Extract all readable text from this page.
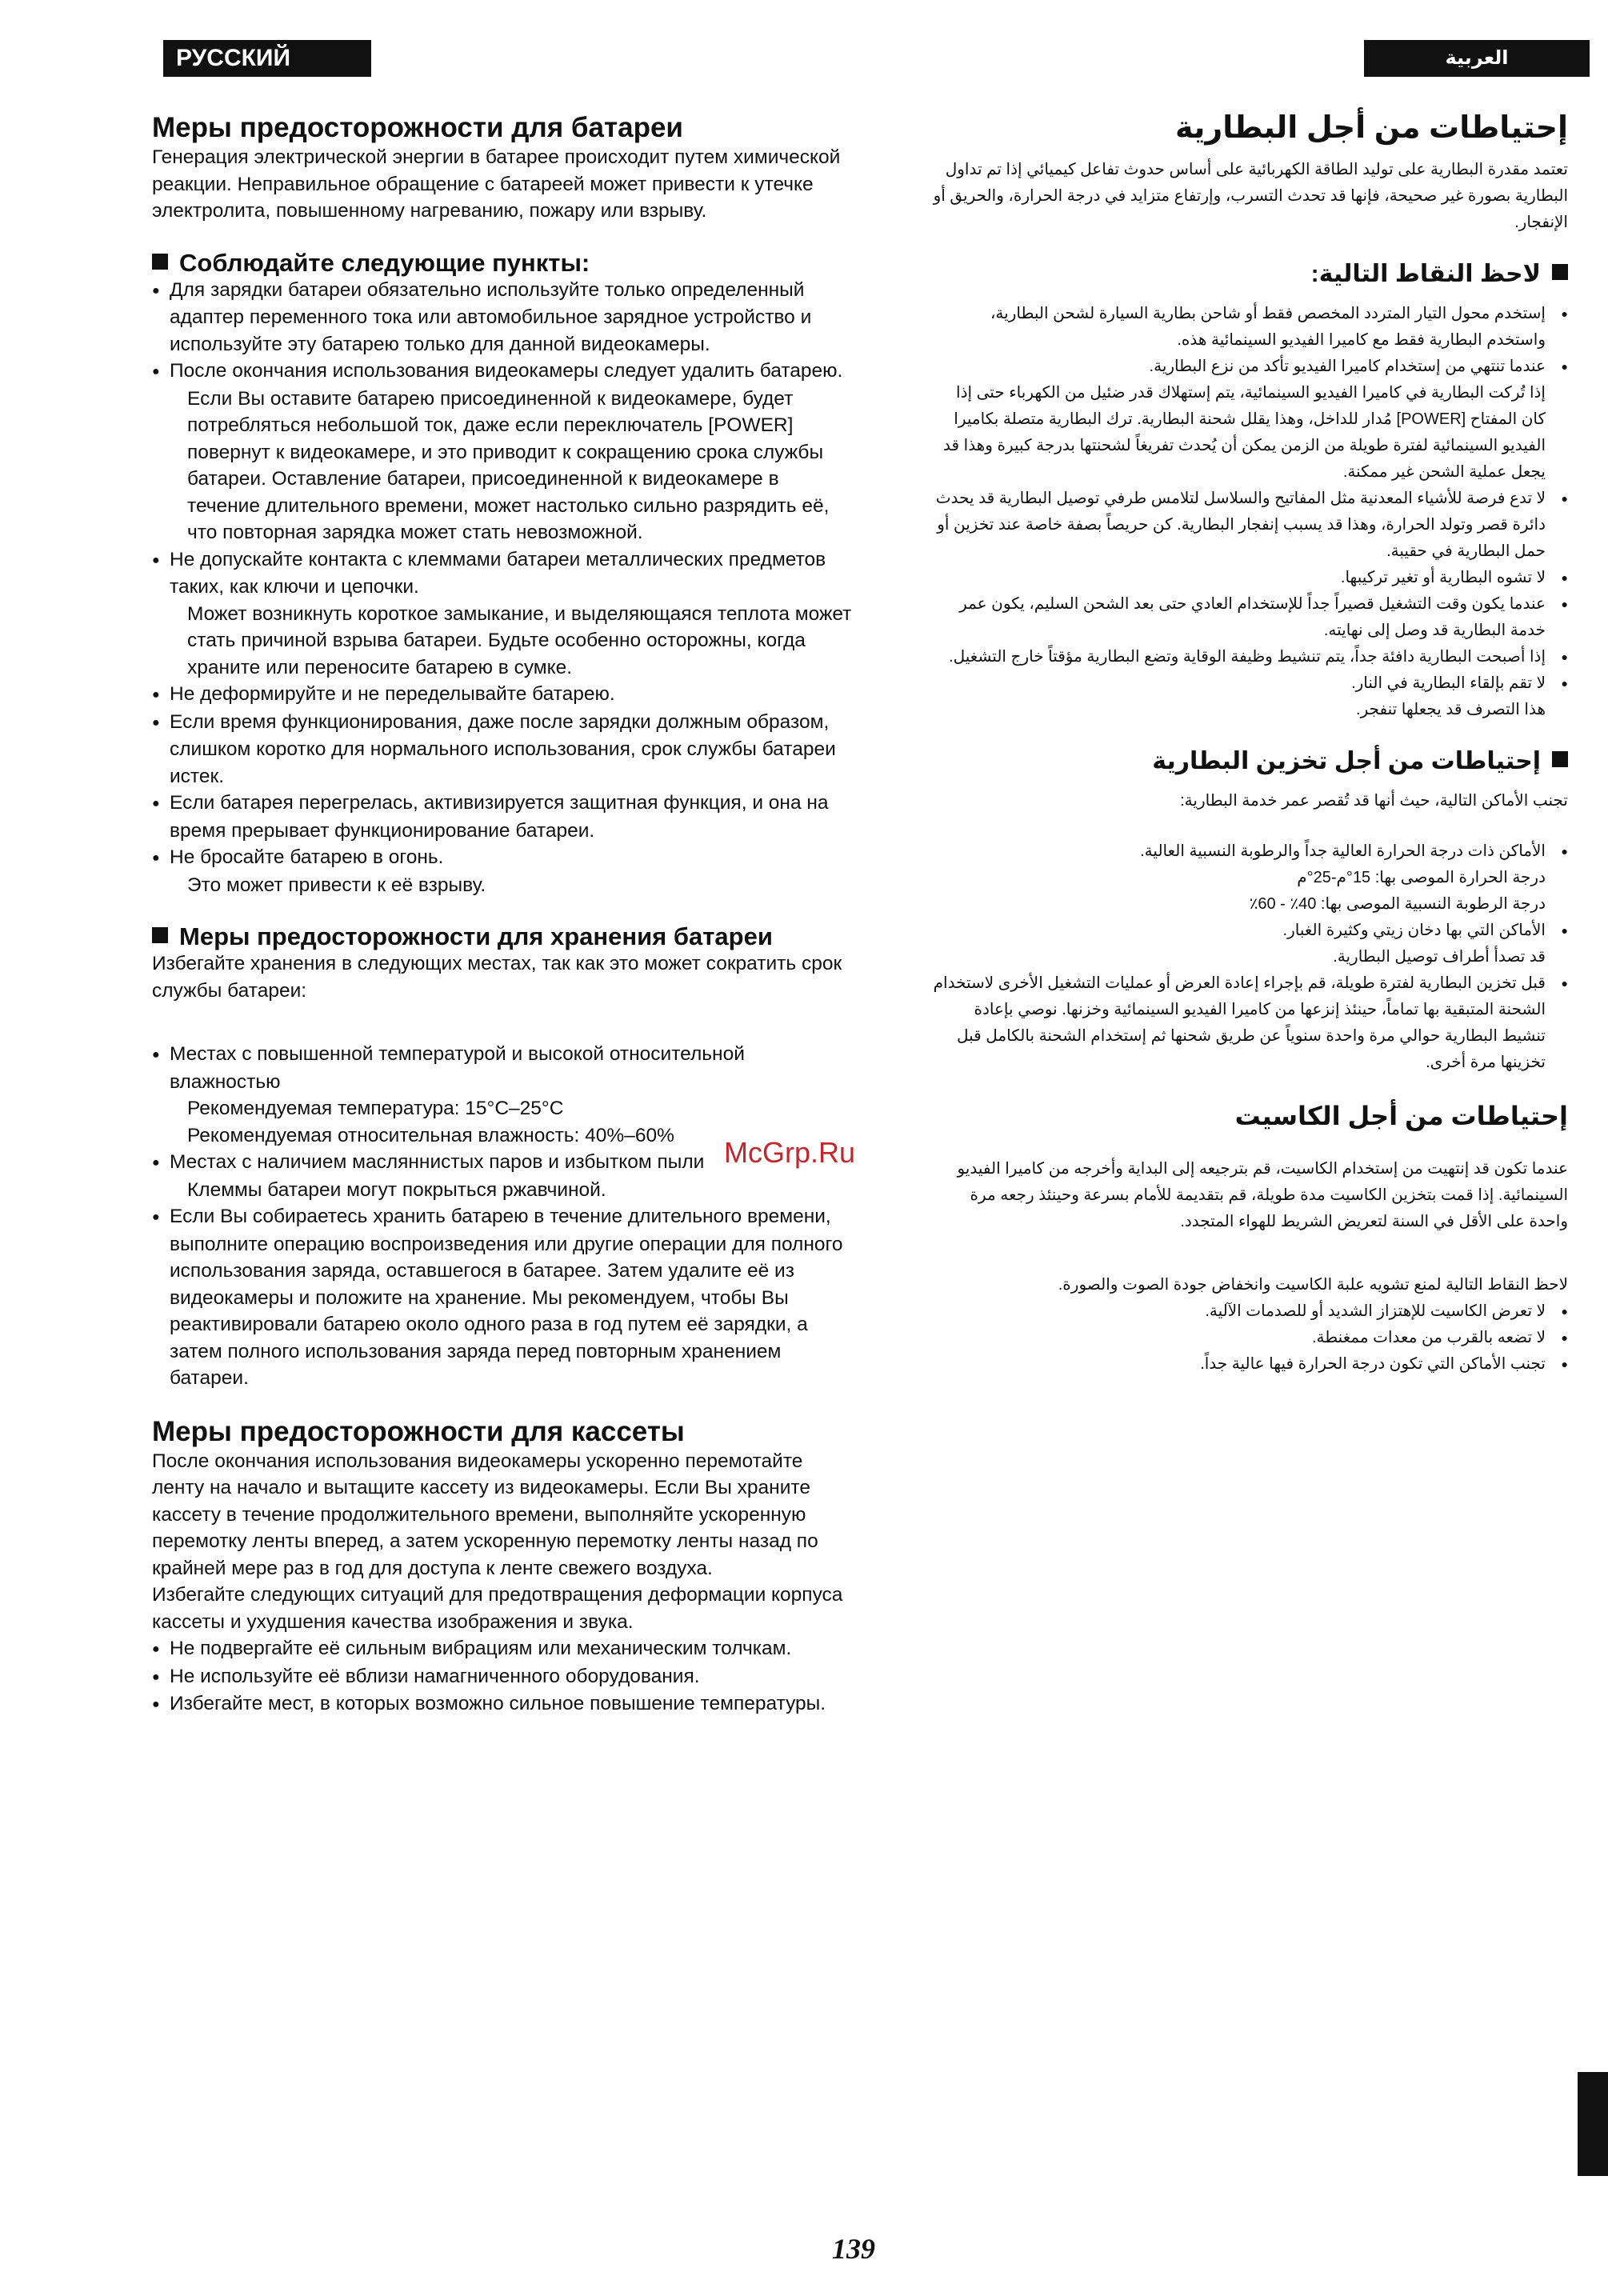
РУССКИЙ ЯЗЫК
العربية
Меры предосторожности для батареи

Генерация электрической энергии в батарее происходит путем химической реакции. Неправильное обращение с батареей может привести к утечке электролита, повышенному нагреванию, пожару или взрыву.

Соблюдайте следующие пункты:
● Для зарядки батареи обязательно используйте только определенный адаптер переменного тока или автомобильное зарядное устройство и используйте эту батарею только для данной видеокамеры.
● После окончания использования видеокамеры следует удалить батарею.
Если Вы оставите батарею присоединенной к видеокамере, будет потребляться небольшой ток, даже если переключатель [POWER] повернут к видеокамере, и это приводит к сокращению срока службы батареи. Оставление батареи, присоединенной к видеокамере в течение длительного времени, может настолько сильно разрядить её, что повторная зарядка может стать невозможной.
● Не допускайте контакта с клеммами батареи металлических предметов таких, как ключи и цепочки.
Может возникнуть короткое замыкание, и выделяющаяся теплота может стать причиной взрыва батареи. Будьте особенно осторожны, когда храните или переносите батарею в сумке.
● Не деформируйте и не переделывайте батарею.
● Если время функционирования, даже после зарядки должным образом, слишком коротко для нормального использования, срок службы батареи истек.
● Если батарея перегрелась, активизируется защитная функция, и она на время прерывает функционирование батареи.
● Не бросайте батарею в огонь.
Это может привести к её взрыву.
Меры предосторожности для хранения батареи

Избегайте хранения в следующих местах, так как это может сократить срок службы батареи:

● Местах с повышенной температурой и высокой относительной влажностью
Рекомендуемая температура: 15°C–25°C
Рекомендуемая относительная влажность: 40%–60%
● Местах с наличием масляннистых паров и избытком пыли
Клеммы батареи могут покрыться ржавчиной.
● Если Вы собираетесь хранить батарею в течение длительного времени, выполните операцию воспроизведения или другие операции для полного использования заряда, оставшегося в батарее. Затем удалите её из видеокамеры и положите на хранение. Мы рекомендуем, чтобы Вы реактивировали батарею около одного раза в год путем её зарядки, а затем полного использования заряда перед повторным хранением батареи.
Меры предосторожности для кассеты

После окончания использования видеокамеры ускоренно перемотайте ленту на начало и вытащите кассету из видеокамеры. Если Вы храните кассету в течение продолжительного времени, выполняйте ускоренную перемотку ленты вперед, а затем ускоренную перемотку ленты назад по крайней мере раз в год для доступа к ленте свежего воздуха.

Избегайте следующих ситуаций для предотвращения деформации корпуса кассеты и ухудшения качества изображения и звука.

● Не подвергайте её сильным вибрациям или механическим толчкам.
● Не используйте её вблизи намагниченного оборудования.
● Избегайте мест, в которых возможно сильное повышение температуры.
إحتياطات من أجل البطارية

تعتمد مقدرة البطارية على توليد الطاقة الكهربائية على أساس حدوث تفاعل كيميائي إذا تم تداول البطارية بصورة غير صحيحة، فإنها قد تحدث التسرب، وإرتفاع متزايد في درجة الحرارة، والحريق أو الإنفجار.

لاحظ النقاط التالية:
● إستخدم محول التيار المتردد المخصص فقط أو شاحن بطارية السيارة لشحن البطارية، واستخدم البطارية فقط مع كاميرا الفيديو السينمائية هذه.
● عندما تنتهي من إستخدام كاميرا الفيديو تأكد من نزع البطارية.
إذا تُركت البطارية في كاميرا الفيديو السينمائية، يتم إستهلاك قدر ضئيل من الكهرباء حتى إذا كان المفتاح [POWER] مُدار للداخل، وهذا يقلل شحنة البطارية. ترك البطارية متصلة بكاميرا الفيديو السينمائية لفترة طويلة من الزمن يمكن أن يُحدث تفريغاً لشحنتها بدرجة كبيرة وهذا قد يجعل عملية الشحن غير ممكنة.
● لا تدع فرصة للأشياء المعدنية مثل المفاتيح والسلاسل لتلامس طرفي توصيل البطارية قد يحدث دائرة قصر وتولد الحرارة، وهذا قد يسبب إنفجار البطارية. كن حريصاً بصفة خاصة عند تخزين أو حمل البطارية في حقيبة.
● لا تشوه البطارية أو تغير تركيبها.
● عندما يكون وقت التشغيل قصيراً جداً للإستخدام العادي حتى بعد الشحن السليم، يكون عمر خدمة البطارية قد وصل إلى نهايته.
● إذا أصبحت البطارية دافئة جداً، يتم تنشيط وظيفة الوقاية وتضع البطارية مؤقتاً خارج التشغيل.
● لا تقم بإلقاء البطارية في النار.
هذا التصرف قد يجعلها تنفجر.
إحتياطات من أجل تخزين البطارية

تجنب الأماكن التالية، حيث أنها قد تُقصر عمر خدمة البطارية:

● الأماكن ذات درجة الحرارة العالية جداً والرطوبة النسبية العالية.
درجة الحرارة الموصى بها: 15°م-25°م
درجة الرطوبة النسبية الموصى بها: 40٪ - 60٪
● الأماكن التي بها دخان زيتي وكثيرة الغبار.
قد تصدأ أطراف توصيل البطارية.
● قبل تخزين البطارية لفترة طويلة، قم بإجراء إعادة العرض أو عمليات التشغيل الأخرى لاستخدام الشحنة المتبقية بها تماماً، حينئذ إنزعها من كاميرا الفيديو السينمائية وخزنها. نوصي بإعادة تنشيط البطارية حوالي مرة واحدة سنوياً عن طريق شحنها ثم إستخدام الشحنة بالكامل قبل تخزينها مرة أخرى.
إحتياطات من أجل الكاسيت

عندما تكون قد إنتهيت من إستخدام الكاسيت، قم بترجيعه إلى البداية وأخرجه من كاميرا الفيديو السينمائية. إذا قمت بتخزين الكاسيت مدة طويلة، قم بتقديمة للأمام بسرعة وحينئذ رجعه مرة واحدة على الأقل في السنة لتعريض الشريط للهواء المتجدد.

لاحظ النقاط التالية لمنع تشويه علبة الكاسيت وانخفاض جودة الصوت والصورة.

● لا تعرض الكاسيت للإهتزاز الشديد أو للصدمات الآلية.
● لا تضعه بالقرب من معدات ممغنطة.
● تجنب الأماكن التي تكون درجة الحرارة فيها عالية جداً.
McGrp.Ru
139
